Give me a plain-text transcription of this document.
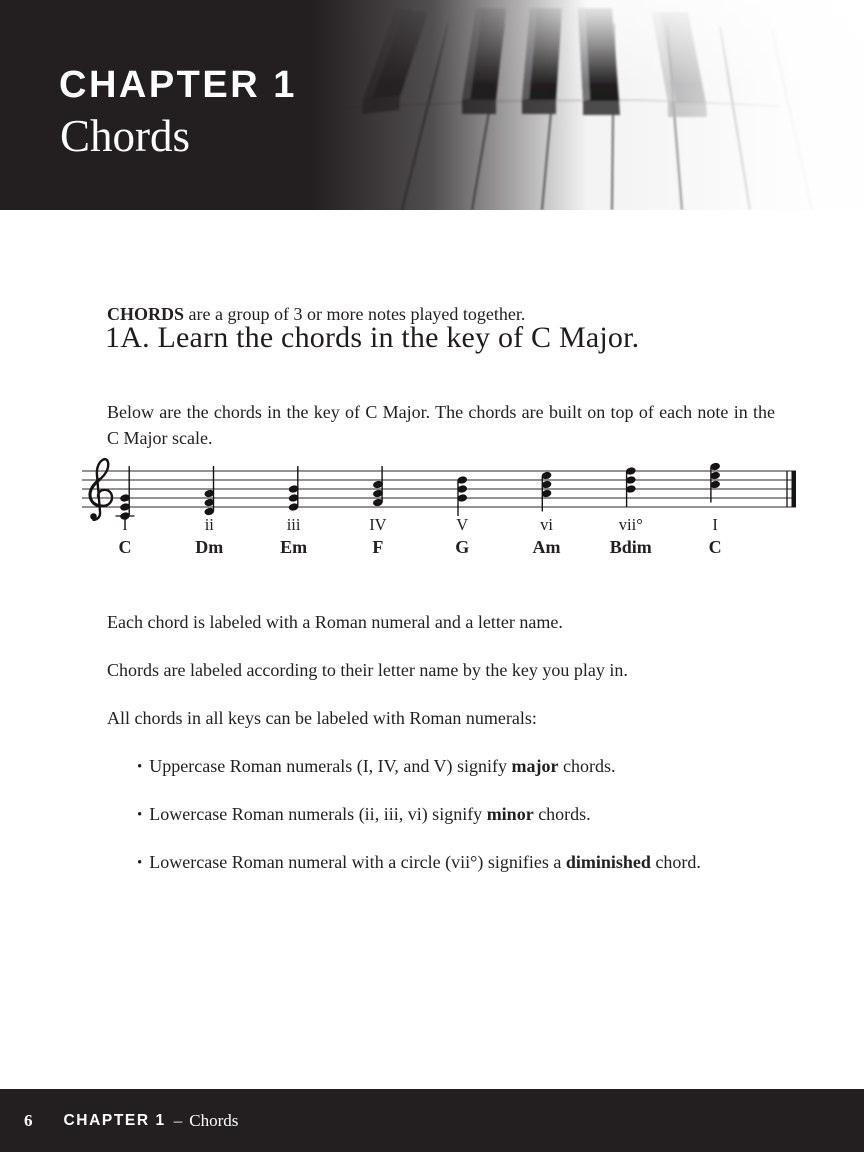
CHAPTER 1
Chords

CHORDS are a group of 3 or more notes played together.

1A. Learn the chords in the key of C Major.

Below are the chords in the key of C Major. The chords are built on top of each note in the C Major scale.

I
C
ii
Dm
iii
Em
IV
F
V
G
vi
Am
vii°
Bdim
I
C

Each chord is labeled with a Roman numeral and a letter name.

Chords are labeled according to their letter name by the key you play in.

All chords in all keys can be labeled with Roman numerals:

• Uppercase Roman numerals (I, IV, and V) signify major chords.

• Lowercase Roman numerals (ii, iii, vi) signify minor chords.

• Lowercase Roman numeral with a circle (vii°) signifies a diminished chord.

6 CHAPTER 1 – Chords
